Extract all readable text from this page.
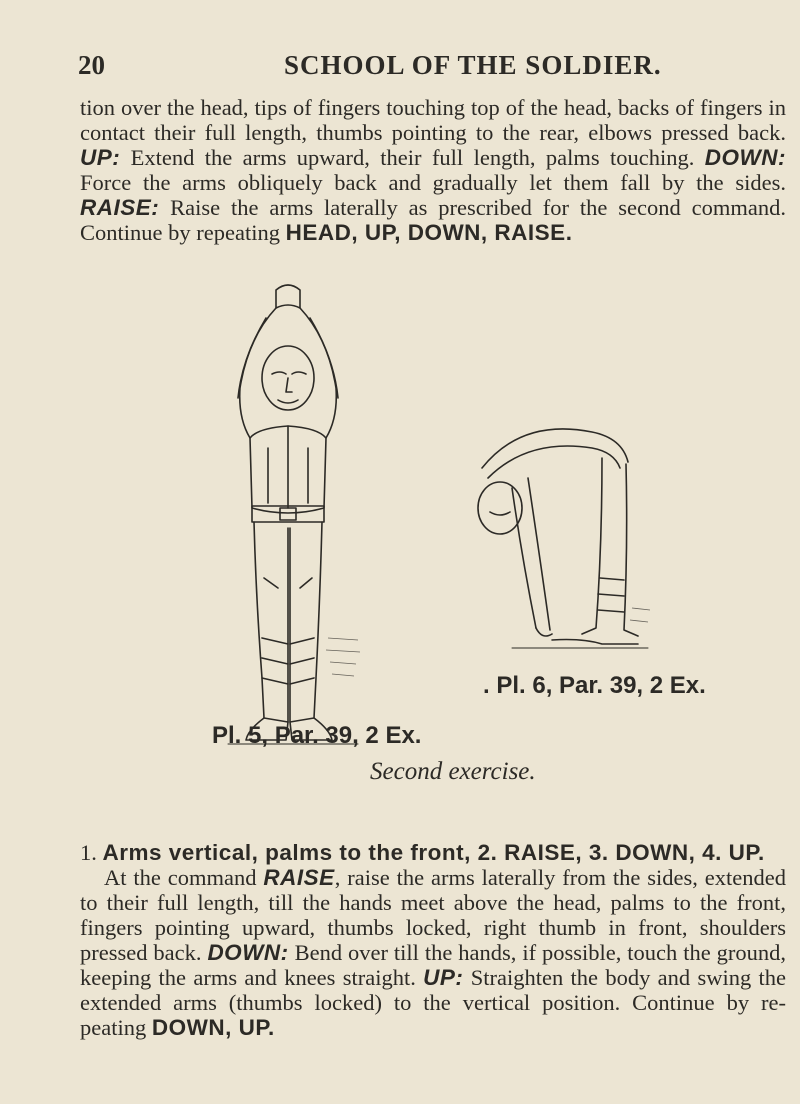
20	SCHOOL OF THE SOLDIER.

tion over the head, tips of fingers touching top of the head, backs of fingers in contact their full length, thumbs pointing to the rear, elbows pressed back. UP: Extend the arms upward, their full length, palms touching. DOWN: Force the arms obliquely back and gradually let them fall by the sides. RAISE: Raise the arms laterally as prescribed for the second command. Continue by repeating HEAD, UP, DOWN, RAISE.

. Pl. 6, Par. 39, 2 Ex.
Pl. 5, Par. 39, 2 Ex.
Second exercise.

1. Arms vertical, palms to the front, 2. RAISE, 3. DOWN, 4. UP.
At the command RAISE, raise the arms laterally from the sides, extended to their full length, till the hands meet above the head, palms to the front, fingers pointing upward, thumbs locked, right thumb in front, shoulders pressed back. DOWN: Bend over till the hands, if possible, touch the ground, keeping the arms and knees straight. UP: Straighten the body and swing the extended arms (thumbs locked) to the vertical position. Continue by re- peating DOWN, UP.
